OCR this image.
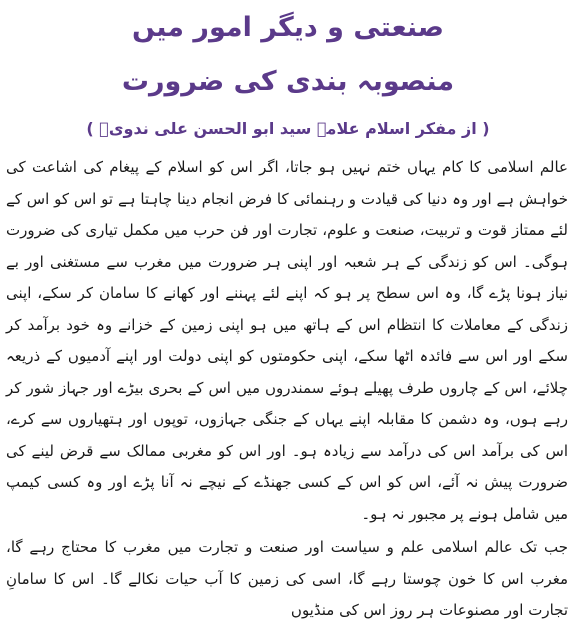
صنعتی و دیگر امور میں
منصوبہ بندی کی ضرورت
( از مفکر اسلام علامہ سید ابو الحسن علی ندویؒ )

عالم اسلامی کا کام یہاں ختم نہیں ہو جاتا، اگر اس کو اسلام کے پیغام کی اشاعت کی خواہش ہے اور وہ دنیا کی قیادت و رہنمائی کا فرض انجام دینا چاہتا ہے تو اس کو اس کے لئے ممتاز قوت و تربیت، صنعت و علوم، تجارت اور فن حرب میں مکمل تیاری کی ضرورت ہوگی۔ اس کو زندگی کے ہر شعبہ اور اپنی ہر ضرورت میں مغرب سے مستغنی اور بے نیاز ہونا پڑے گا، وہ اس سطح پر ہو کہ اپنے لئے پہننے اور کھانے کا سامان کر سکے، اپنی زندگی کے معاملات کا انتظام اس کے ہاتھ میں ہو اپنی زمین کے خزانے وہ خود برآمد کر سکے اور اس سے فائدہ اٹھا سکے، اپنی حکومتوں کو اپنی دولت اور اپنے آدمیوں کے ذریعہ چلائے، اس کے چاروں طرف پھیلے ہوئے سمندروں میں اس کے بحری بیڑے اور جہاز شور کر رہے ہوں، وہ دشمن کا مقابلہ اپنے یہاں کے جنگی جہازوں، توپوں اور ہتھیاروں سے کرے، اس کی برآمد اس کی درآمد سے زیادہ ہو۔ اور اس کو مغربی ممالک سے قرض لینے کی ضرورت پیش نہ آئے، اس کو اس کے کسی جھنڈے کے نیچے نہ آنا پڑے اور وہ کسی کیمپ میں شامل ہونے پر مجبور نہ ہو۔

جب تک عالم اسلامی علم و سیاست اور صنعت و تجارت میں مغرب کا محتاج رہے گا، مغرب اس کا خون چوستا رہے گا، اسی کی زمین کا آب حیات نکالے گا۔ اس کا سامانِ تجارت اور مصنوعات ہر روز اس کی منڈیوں
